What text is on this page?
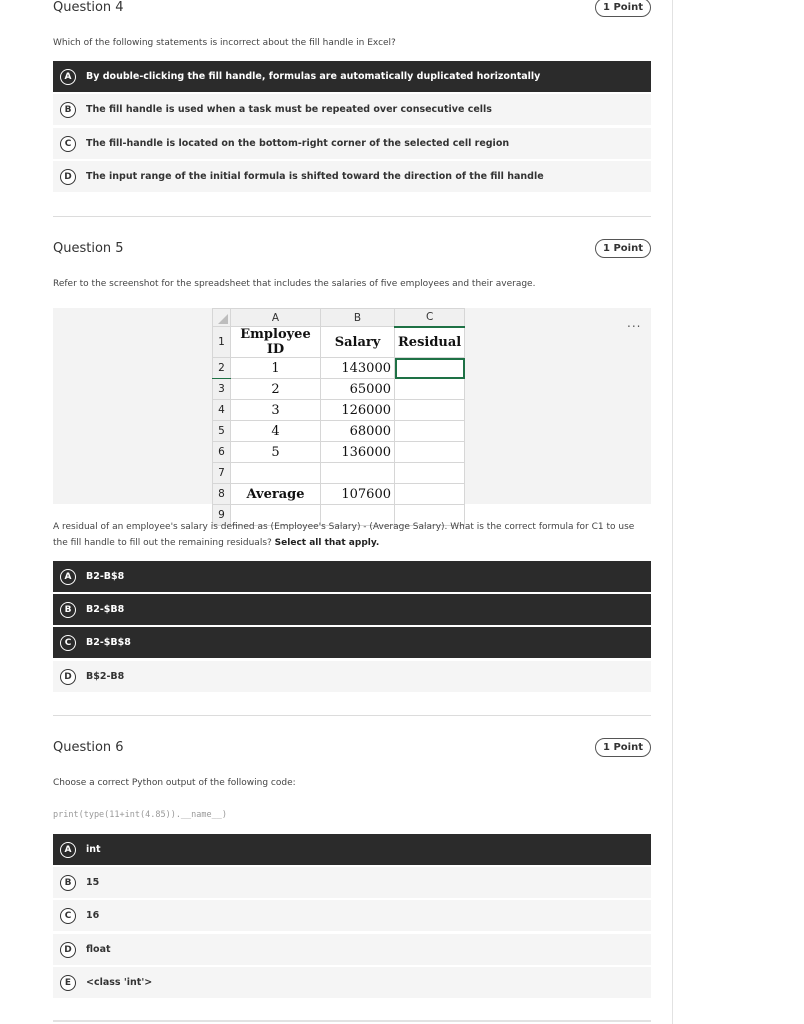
Question 4	1 Point
Which of the following statements is incorrect about the fill handle in Excel?
A	By double-clicking the fill handle, formulas are automatically duplicated horizontally
B	The fill handle is used when a task must be repeated over consecutive cells
C	The fill-handle is located on the bottom-right corner of the selected cell region
D	The input range of the initial formula is shifted toward the direction of the fill handle
Question 5	1 Point
Refer to the screenshot for the spreadsheet that includes the salaries of five employees and their average.
	A	B	C
1	Employee ID	Salary	Residual
2	1	143000	
3	2	65000	
4	3	126000	
5	4	68000	
6	5	136000	
7			
8	Average	107600	
9			
...
A residual of an employee's salary is defined as (Employee's Salary) - (Average Salary). What is the correct formula for C1 to use the fill handle to fill out the remaining residuals? Select all that apply.
A	B2-B$8
B	B2-$B8
C	B2-$B$8
D	B$2-B8
Question 6	1 Point
Choose a correct Python output of the following code:
print(type(11+int(4.85)).__name__)
A	int
B	15
C	16
D	float
E	<class 'int'>
